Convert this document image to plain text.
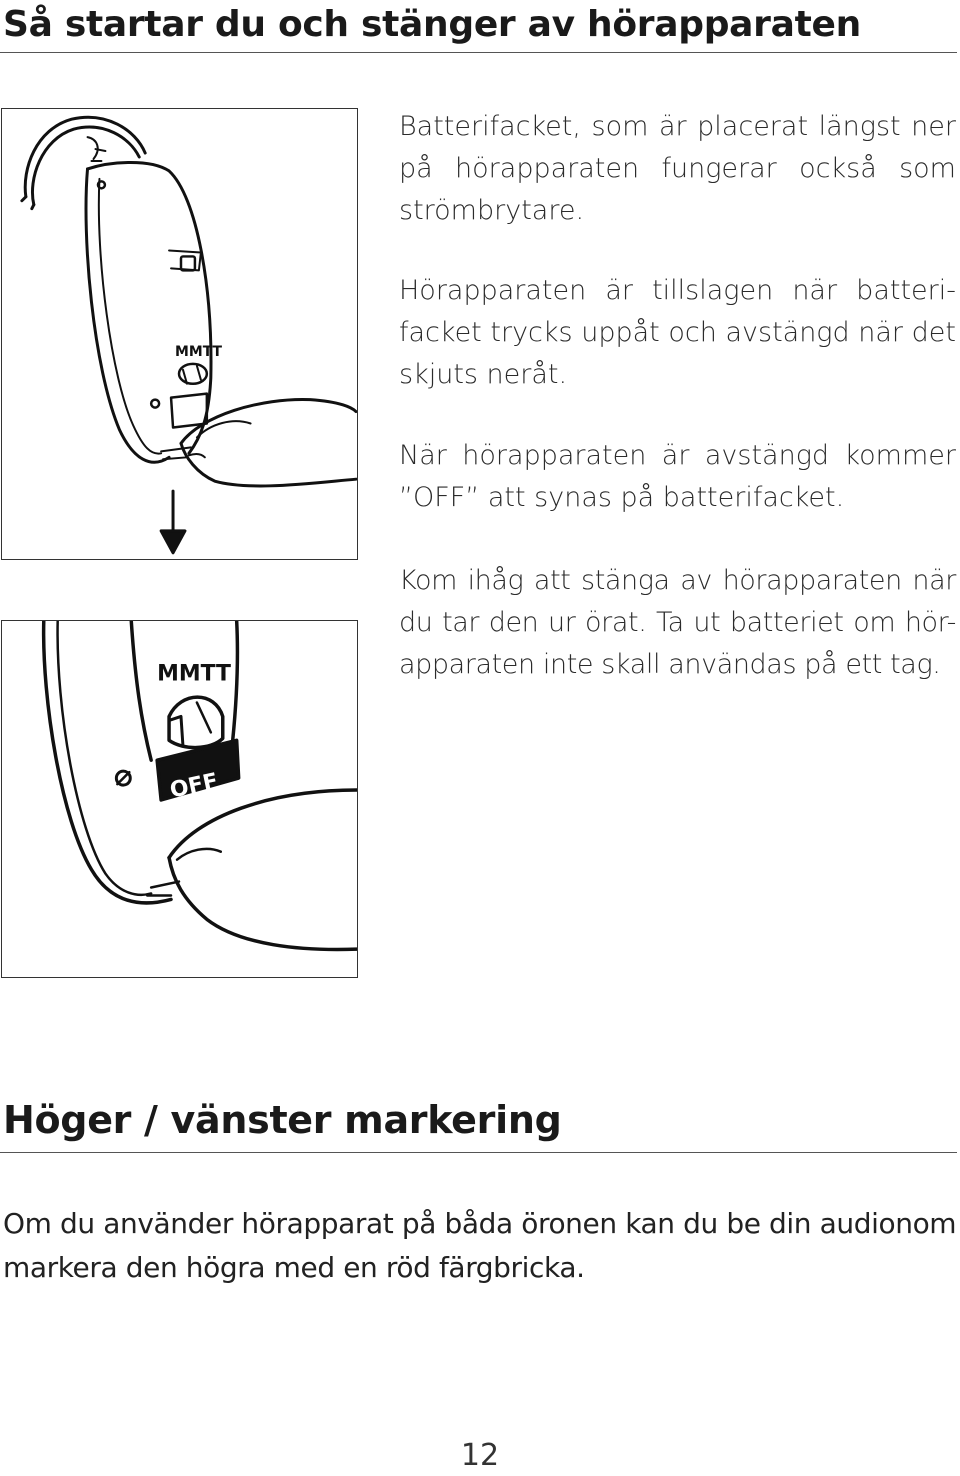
Så startar du och stänger av hörapparaten
MMTT
MMTT
OFF

Batterifacket, som är placerat längst ner på hörapparaten fungerar också som strömbrytare.

Hörapparaten är tillslagen när batteri-facket trycks uppåt och avstängd när det skjuts neråt.

När hörapparaten är avstängd kommer ”OFF” att synas på batterifacket.

Kom ihåg att stänga av hörapparaten när du tar den ur örat. Ta ut batteriet om hör-apparaten inte skall användas på ett tag.

Höger / vänster markering

Om du använder hörapparat på båda öronen kan du be din audionom markera den högra med en röd färgbricka.

12
